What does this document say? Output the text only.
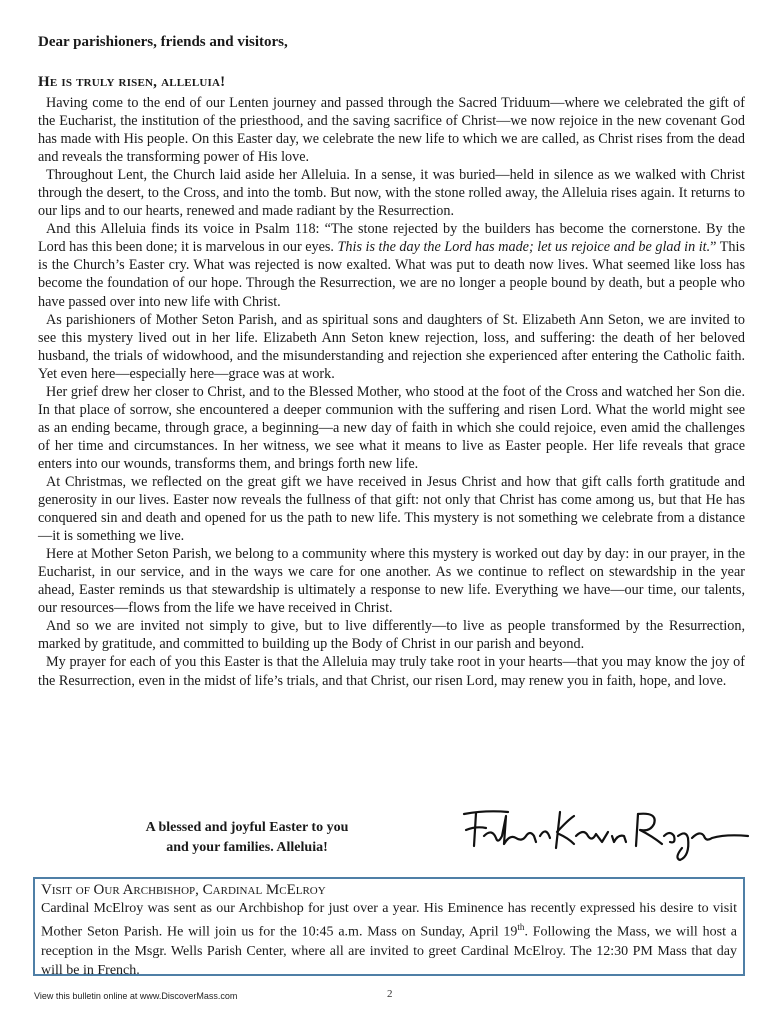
Dear parishioners, friends and visitors,
He is truly risen, alleluia!

Having come to the end of our Lenten journey and passed through the Sacred Triduum—where we celebrated the gift of the Eucharist, the institution of the priesthood, and the saving sacrifice of Christ—we now rejoice in the new covenant God has made with His people. On this Easter day, we celebrate the new life to which we are called, as Christ rises from the dead and reveals the transforming power of His love.

Throughout Lent, the Church laid aside her Alleluia. In a sense, it was buried—held in silence as we walked with Christ through the desert, to the Cross, and into the tomb. But now, with the stone rolled away, the Alleluia rises again. It returns to our lips and to our hearts, renewed and made radiant by the Resurrection.

And this Alleluia finds its voice in Psalm 118: “The stone rejected by the builders has become the cornerstone. By the Lord has this been done; it is marvelous in our eyes. This is the day the Lord has made; let us rejoice and be glad in it.” This is the Church’s Easter cry. What was rejected is now exalted. What was put to death now lives. What seemed like loss has become the foundation of our hope. Through the Resurrection, we are no longer a people bound by death, but a people who have passed over into new life with Christ.

As parishioners of Mother Seton Parish, and as spiritual sons and daughters of St. Elizabeth Ann Seton, we are invited to see this mystery lived out in her life. Elizabeth Ann Seton knew rejection, loss, and suffering: the death of her beloved husband, the trials of widowhood, and the misunderstanding and rejection she experienced after entering the Catholic faith. Yet even here—especially here—grace was at work.

Her grief drew her closer to Christ, and to the Blessed Mother, who stood at the foot of the Cross and watched her Son die. In that place of sorrow, she encountered a deeper communion with the suffering and risen Lord. What the world might see as an ending became, through grace, a beginning—a new day of faith in which she could rejoice, even amid the challenges of her time and circumstances. In her witness, we see what it means to live as Easter people. Her life reveals that grace enters into our wounds, transforms them, and brings forth new life.

At Christmas, we reflected on the great gift we have received in Jesus Christ and how that gift calls forth gratitude and generosity in our lives. Easter now reveals the fullness of that gift: not only that Christ has come among us, but that He has conquered sin and death and opened for us the path to new life. This mystery is not something we celebrate from a distance—it is something we live.

Here at Mother Seton Parish, we belong to a community where this mystery is worked out day by day: in our prayer, in the Eucharist, in our service, and in the ways we care for one another. As we continue to reflect on stewardship in the year ahead, Easter reminds us that stewardship is ultimately a response to new life. Everything we have—our time, our talents, our resources—flows from the life we have received in Christ.

And so we are invited not simply to give, but to live differently—to live as people transformed by the Resurrection, marked by gratitude, and committed to building up the Body of Christ in our parish and beyond.

My prayer for each of you this Easter is that the Alleluia may truly take root in your hearts—that you may know the joy of the Resurrection, even in the midst of life’s trials, and that Christ, our risen Lord, may renew you in faith, hope, and love.

A blessed and joyful Easter to you
and your families. Alleluia!
Visit of Our Archbishop, Cardinal McElroy
Cardinal McElroy was sent as our Archbishop for just over a year. His Eminence has recently expressed his desire to visit Mother Seton Parish. He will join us for the 10:45 a.m. Mass on Sunday, April 19th. Following the Mass, we will host a reception in the Msgr. Wells Parish Center, where all are invited to greet Cardinal McElroy. The 12:30 PM Mass that day will be in French.
View this bulletin online at www.DiscoverMass.com	2
